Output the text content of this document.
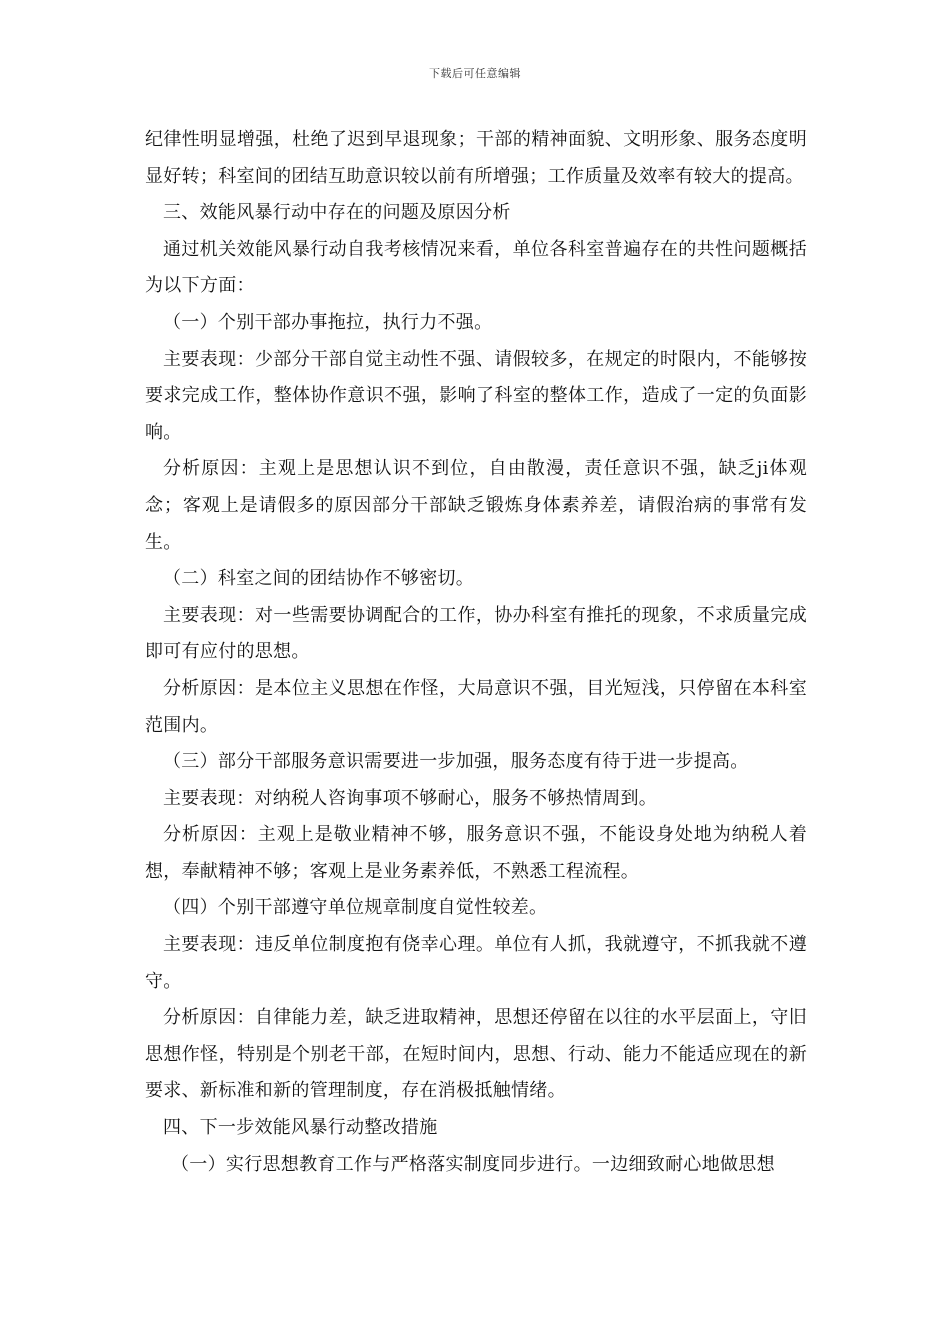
下载后可任意编辑

纪律性明显增强，杜绝了迟到早退现象；干部的精神面貌、文明形象、服务态度明显好转；科室间的团结互助意识较以前有所增强；工作质量及效率有较大的提高。

三、效能风暴行动中存在的问题及原因分析

通过机关效能风暴行动自我考核情况来看，单位各科室普遍存在的共性问题概括为以下方面：

（一）个别干部办事拖拉，执行力不强。

主要表现：少部分干部自觉主动性不强、请假较多，在规定的时限内，不能够按要求完成工作，整体协作意识不强，影响了科室的整体工作，造成了一定的负面影响。

分析原因：主观上是思想认识不到位，自由散漫，责任意识不强，缺乏ji体观念；客观上是请假多的原因部分干部缺乏锻炼身体素养差，请假治病的事常有发生。

（二）科室之间的团结协作不够密切。

主要表现：对一些需要协调配合的工作，协办科室有推托的现象，不求质量完成即可有应付的思想。

分析原因：是本位主义思想在作怪，大局意识不强，目光短浅，只停留在本科室范围内。

（三）部分干部服务意识需要进一步加强，服务态度有待于进一步提高。

主要表现：对纳税人咨询事项不够耐心，服务不够热情周到。

分析原因：主观上是敬业精神不够，服务意识不强，不能设身处地为纳税人着想，奉献精神不够；客观上是业务素养低，不熟悉工程流程。

（四）个别干部遵守单位规章制度自觉性较差。

主要表现：违反单位制度抱有侥幸心理。单位有人抓，我就遵守，不抓我就不遵守。

分析原因：自律能力差，缺乏进取精神，思想还停留在以往的水平层面上，守旧思想作怪，特别是个别老干部，在短时间内，思想、行动、能力不能适应现在的新要求、新标准和新的管理制度，存在消极抵触情绪。

四、下一步效能风暴行动整改措施

（一）实行思想教育工作与严格落实制度同步进行。一边细致耐心地做思想
